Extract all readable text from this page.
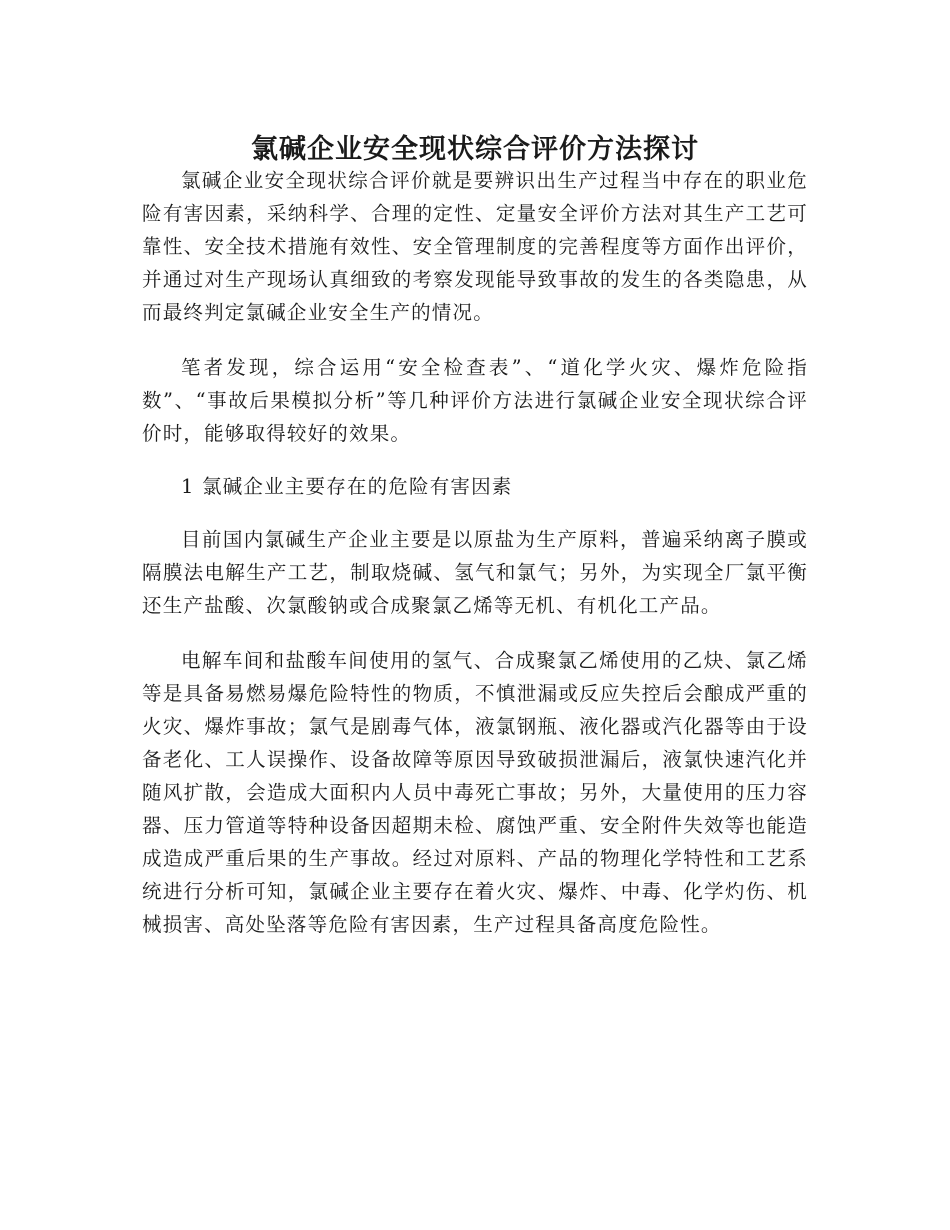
氯碱企业安全现状综合评价方法探讨

氯碱企业安全现状综合评价就是要辨识出生产过程当中存在的职业危险有害因素，采纳科学、合理的定性、定量安全评价方法对其生产工艺可靠性、安全技术措施有效性、安全管理制度的完善程度等方面作出评价，并通过对生产现场认真细致的考察发现能导致事故的发生的各类隐患，从而最终判定氯碱企业安全生产的情况。

笔者发现，综合运用“安全检查表”、“道化学火灾、爆炸危险指数”、“事故后果模拟分析”等几种评价方法进行氯碱企业安全现状综合评价时，能够取得较好的效果。

1 氯碱企业主要存在的危险有害因素

目前国内氯碱生产企业主要是以原盐为生产原料，普遍采纳离子膜或隔膜法电解生产工艺，制取烧碱、氢气和氯气；另外，为实现全厂氯平衡还生产盐酸、次氯酸钠或合成聚氯乙烯等无机、有机化工产品。

电解车间和盐酸车间使用的氢气、合成聚氯乙烯使用的乙炔、氯乙烯等是具备易燃易爆危险特性的物质，不慎泄漏或反应失控后会酿成严重的火灾、爆炸事故；氯气是剧毒气体，液氯钢瓶、液化器或汽化器等由于设备老化、工人误操作、设备故障等原因导致破损泄漏后，液氯快速汽化并随风扩散，会造成大面积内人员中毒死亡事故；另外，大量使用的压力容器、压力管道等特种设备因超期未检、腐蚀严重、安全附件失效等也能造成造成严重后果的生产事故。经过对原料、产品的物理化学特性和工艺系统进行分析可知，氯碱企业主要存在着火灾、爆炸、中毒、化学灼伤、机械损害、高处坠落等危险有害因素，生产过程具备高度危险性。
